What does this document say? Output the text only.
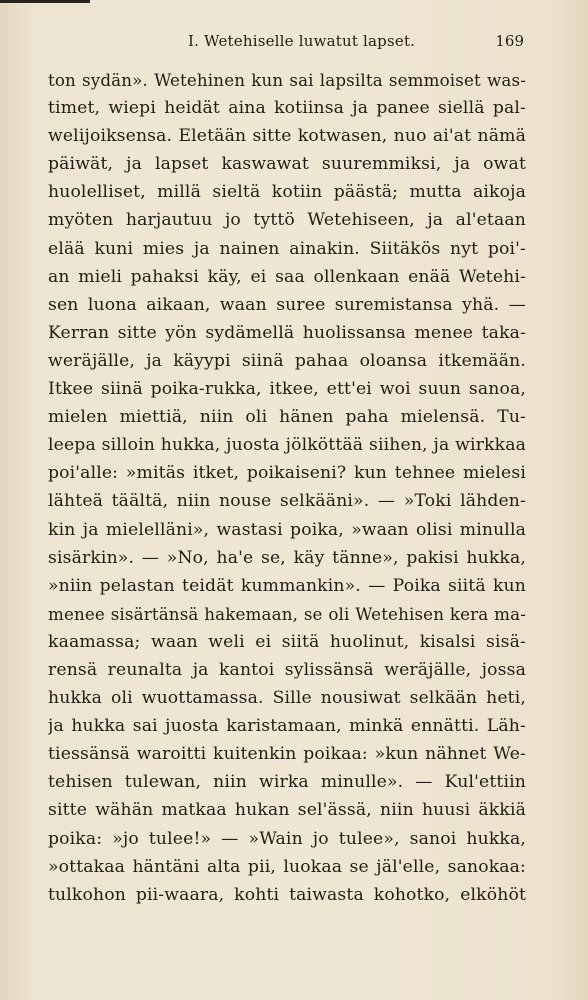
I. Wetehiselle luwatut lapset.	169
ton sydän». Wetehinen kun sai lapsilta semmoiset was-
timet, wiepi heidät aina kotiinsa ja panee siellä pal-
welijoiksensa. Eletään sitte kotwasen, nuo ai'at nämä
päiwät, ja lapset kaswawat suuremmiksi, ja owat
huolelliset, millä sieltä kotiin päästä; mutta aikoja
myöten harjautuu jo tyttö Wetehiseen, ja al'etaan
elää kuni mies ja nainen ainakin. Siitäkös nyt poi'-
an mieli pahaksi käy, ei saa ollenkaan enää Wetehi-
sen luona aikaan, waan suree suremistansa yhä. —
Kerran sitte yön sydämellä huolissansa menee taka-
weräjälle, ja käyypi siinä pahaa oloansa itkemään.
Itkee siinä poika-rukka, itkee, ett'ei woi suun sanoa,
mielen miettiä, niin oli hänen paha mielensä. Tu-
leepa silloin hukka, juosta jölköttää siihen, ja wirkkaa
poi'alle: »mitäs itket, poikaiseni? kun tehnee mielesi
lähteä täältä, niin nouse selkääni». — »Toki lähden-
kin ja mielelläni», wastasi poika, »waan olisi minulla
sisärkin». — »No, ha'e se, käy tänne», pakisi hukka,
»niin pelastan teidät kummankin». — Poika siitä kun
menee sisärtänsä hakemaan, se oli Wetehisen kera ma-
kaamassa; waan weli ei siitä huolinut, kisalsi sisä-
rensä reunalta ja kantoi sylissänsä weräjälle, jossa
hukka oli wuottamassa. Sille nousiwat selkään heti,
ja hukka sai juosta karistamaan, minkä ennätti. Läh-
tiessänsä waroitti kuitenkin poikaa: »kun nähnet We-
tehisen tulewan, niin wirka minulle». — Kul'ettiin
sitte wähän matkaa hukan sel'ässä, niin huusi äkkiä
poika: »jo tulee!» — »Wain jo tulee», sanoi hukka,
»ottakaa häntäni alta pii, luokaa se jäl'elle, sanokaa:
tulkohon pii-waara, kohti taiwasta kohotko, elköhöt
